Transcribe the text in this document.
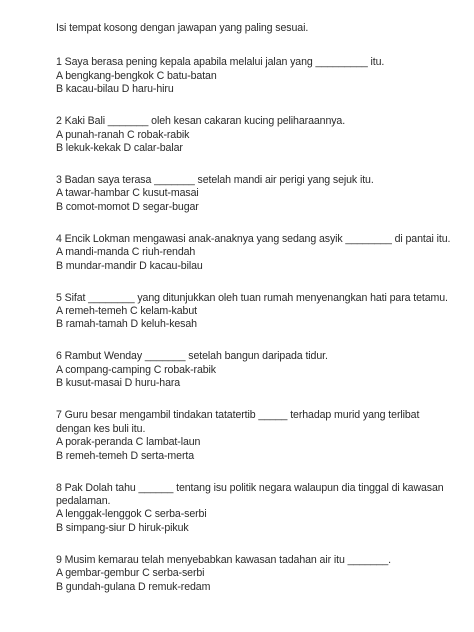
Isi tempat kosong dengan jawapan yang paling sesuai.

1 Saya berasa pening kepala apabila melalui jalan yang _________ itu.

A bengkang-bengkok C batu-batan

B kacau-bilau D haru-hiru

2 Kaki Bali _______ oleh kesan cakaran kucing peliharaannya.

A punah-ranah C robak-rabik

B lekuk-kekak D calar-balar

3 Badan saya terasa _______ setelah mandi air perigi yang sejuk itu.

A tawar-hambar C kusut-masai

B comot-momot D segar-bugar

4 Encik Lokman mengawasi anak-anaknya yang sedang asyik ________ di pantai itu.

A mandi-manda C riuh-rendah

B mundar-mandir D kacau-bilau

5 Sifat ________ yang ditunjukkan oleh tuan rumah menyenangkan hati para tetamu.

A remeh-temeh C kelam-kabut

B ramah-tamah D keluh-kesah

6 Rambut Wenday _______ setelah bangun daripada tidur.

A compang-camping C robak-rabik

B kusut-masai D huru-hara

7 Guru besar mengambil tindakan tatatertib _____ terhadap murid yang terlibat dengan kes buli itu.

A porak-peranda C lambat-laun

B remeh-temeh D serta-merta

8 Pak Dolah tahu ______ tentang isu politik negara walaupun dia tinggal di kawasan pedalaman.

A lenggak-lenggok C serba-serbi

B simpang-siur D hiruk-pikuk

9 Musim kemarau telah menyebabkan kawasan tadahan air itu _______.

A gembar-gembur C serba-serbi

B gundah-gulana D remuk-redam
